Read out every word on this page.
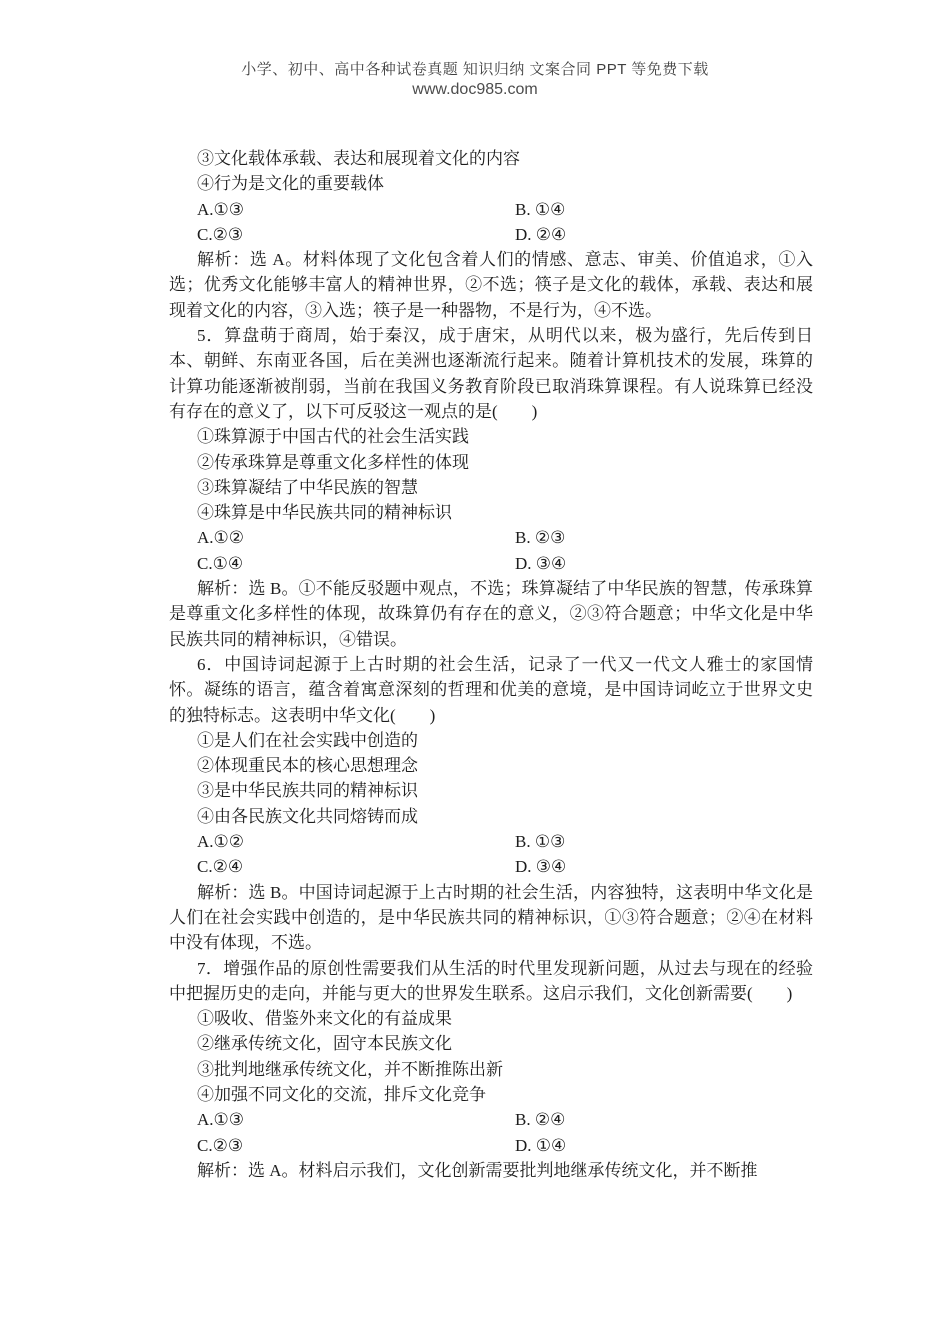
小学、初中、高中各种试卷真题 知识归纳 文案合同 PPT 等免费下载
www.doc985.com

③文化载体承载、表达和展现着文化的内容

④行为是文化的重要载体

A.①③	B. ①④
C.②③	D. ②④

解析：选 A。材料体现了文化包含着人们的情感、意志、审美、价值追求，①入选；优秀文化能够丰富人的精神世界，②不选；筷子是文化的载体，承载、表达和展现着文化的内容，③入选；筷子是一种器物，不是行为，④不选。

5．算盘萌于商周，始于秦汉，成于唐宋，从明代以来，极为盛行，先后传到日本、朝鲜、东南亚各国，后在美洲也逐渐流行起来。随着计算机技术的发展，珠算的计算功能逐渐被削弱，当前在我国义务教育阶段已取消珠算课程。有人说珠算已经没有存在的意义了，以下可反驳这一观点的是(　　)

①珠算源于中国古代的社会生活实践

②传承珠算是尊重文化多样性的体现

③珠算凝结了中华民族的智慧

④珠算是中华民族共同的精神标识

A.①②	B. ②③
C.①④	D. ③④

解析：选 B。①不能反驳题中观点，不选；珠算凝结了中华民族的智慧，传承珠算是尊重文化多样性的体现，故珠算仍有存在的意义，②③符合题意；中华文化是中华民族共同的精神标识，④错误。

6．中国诗词起源于上古时期的社会生活，记录了一代又一代文人雅士的家国情怀。凝练的语言，蕴含着寓意深刻的哲理和优美的意境，是中国诗词屹立于世界文史的独特标志。这表明中华文化(　　)

①是人们在社会实践中创造的

②体现重民本的核心思想理念

③是中华民族共同的精神标识

④由各民族文化共同熔铸而成

A.①②	B. ①③
C.②④	D. ③④

解析：选 B。中国诗词起源于上古时期的社会生活，内容独特，这表明中华文化是人们在社会实践中创造的，是中华民族共同的精神标识，①③符合题意；②④在材料中没有体现，不选。

7．增强作品的原创性需要我们从生活的时代里发现新问题，从过去与现在的经验中把握历史的走向，并能与更大的世界发生联系。这启示我们，文化创新需要(　　)

①吸收、借鉴外来文化的有益成果

②继承传统文化，固守本民族文化

③批判地继承传统文化，并不断推陈出新

④加强不同文化的交流，排斥文化竞争

A.①③	B. ②④
C.②③	D. ①④

解析：选 A。材料启示我们，文化创新需要批判地继承传统文化，并不断推
